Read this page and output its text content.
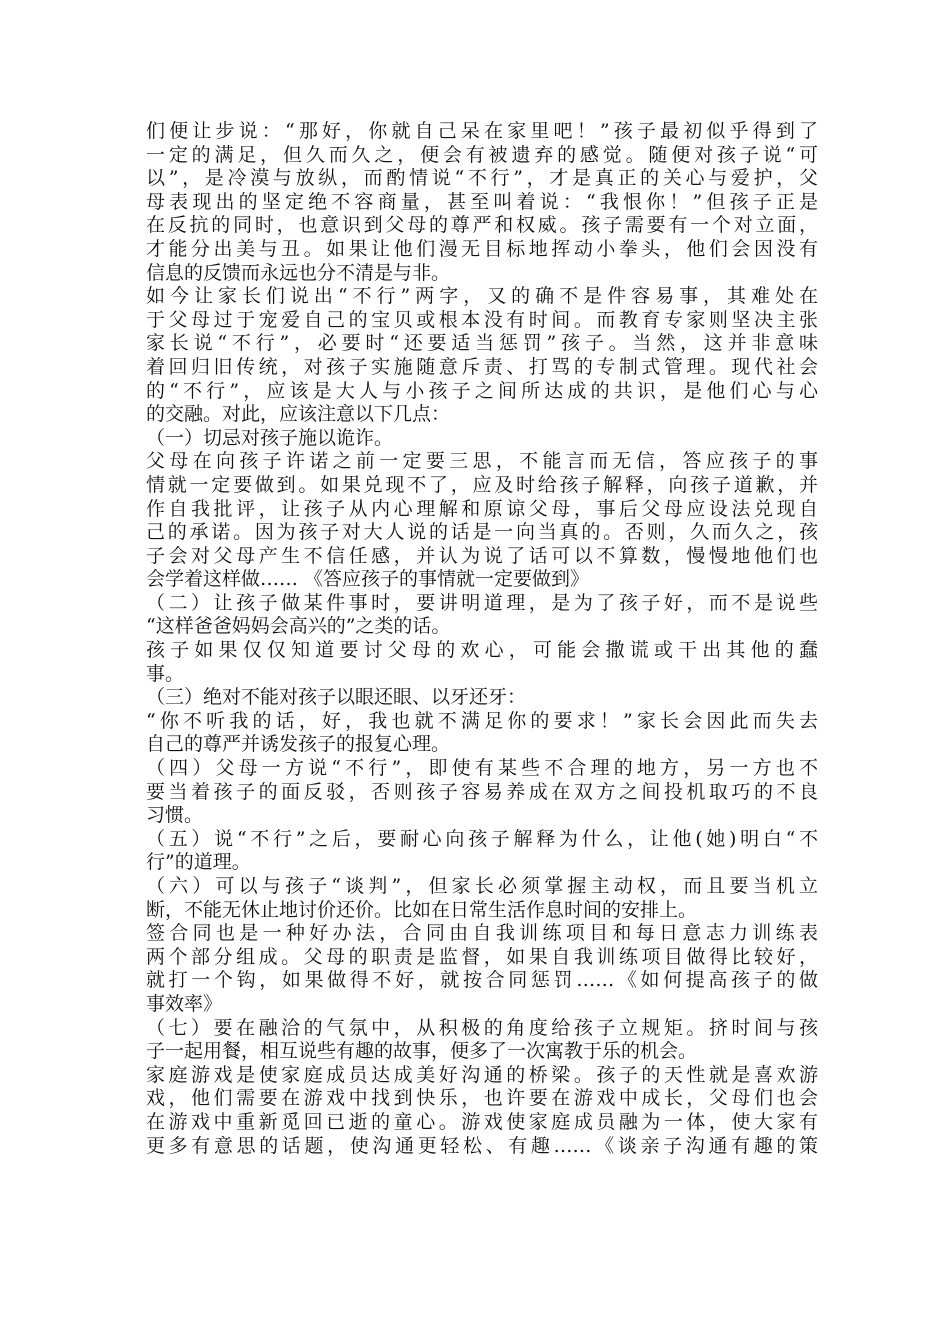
们便让步说：“那好，你就自己呆在家里吧！”孩子最初似乎得到了
一定的满足，但久而久之，便会有被遗弃的感觉。随便对孩子说“可
以”，是冷漠与放纵，而酌情说“不行”，才是真正的关心与爱护，父
母表现出的坚定绝不容商量，甚至叫着说：“我恨你！”但孩子正是
在反抗的同时，也意识到父母的尊严和权威。孩子需要有一个对立面，
才能分出美与丑。如果让他们漫无目标地挥动小拳头，他们会因没有
信息的反馈而永远也分不清是与非。
如今让家长们说出“不行”两字，又的确不是件容易事，其难处在
于父母过于宠爱自己的宝贝或根本没有时间。而教育专家则坚决主张
家长说“不行”，必要时“还要适当惩罚”孩子。当然，这并非意味
着回归旧传统，对孩子实施随意斥责、打骂的专制式管理。现代社会
的“不行”，应该是大人与小孩子之间所达成的共识，是他们心与心
的交融。对此，应该注意以下几点：
（一）切忌对孩子施以诡诈。
父母在向孩子许诺之前一定要三思，不能言而无信，答应孩子的事
情就一定要做到。如果兑现不了，应及时给孩子解释，向孩子道歉，并
作自我批评，让孩子从内心理解和原谅父母，事后父母应设法兑现自
己的承诺。因为孩子对大人说的话是一向当真的。否则，久而久之，孩
子会对父母产生不信任感，并认为说了话可以不算数，慢慢地他们也
会学着这样做…… 《答应孩子的事情就一定要做到》
（二）让孩子做某件事时，要讲明道理，是为了孩子好，而不是说些
“这样爸爸妈妈会高兴的”之类的话。
孩子如果仅仅知道要讨父母的欢心，可能会撒谎或干出其他的蠢
事。
（三）绝对不能对孩子以眼还眼、以牙还牙：
“你不听我的话，好，我也就不满足你的要求！”家长会因此而失去
自己的尊严并诱发孩子的报复心理。
（四）父母一方说“不行”，即使有某些不合理的地方，另一方也不
要当着孩子的面反驳，否则孩子容易养成在双方之间投机取巧的不良
习惯。
（五）说“不行”之后，要耐心向孩子解释为什么，让他(她)明白“不
行”的道理。
（六）可以与孩子“谈判”，但家长必须掌握主动权，而且要当机立
断，不能无休止地讨价还价。比如在日常生活作息时间的安排上。
签合同也是一种好办法，合同由自我训练项目和每日意志力训练表
两个部分组成。父母的职责是监督，如果自我训练项目做得比较好，
就打一个钩，如果做得不好，就按合同惩罚……《如何提高孩子的做
事效率》
（七）要在融洽的气氛中，从积极的角度给孩子立规矩。挤时间与孩
子一起用餐，相互说些有趣的故事，便多了一次寓教于乐的机会。
家庭游戏是使家庭成员达成美好沟通的桥梁。孩子的天性就是喜欢游
戏，他们需要在游戏中找到快乐，也许要在游戏中成长，父母们也会
在游戏中重新觅回已逝的童心。游戏使家庭成员融为一体，使大家有
更多有意思的话题，使沟通更轻松、有趣……《谈亲子沟通有趣的策
